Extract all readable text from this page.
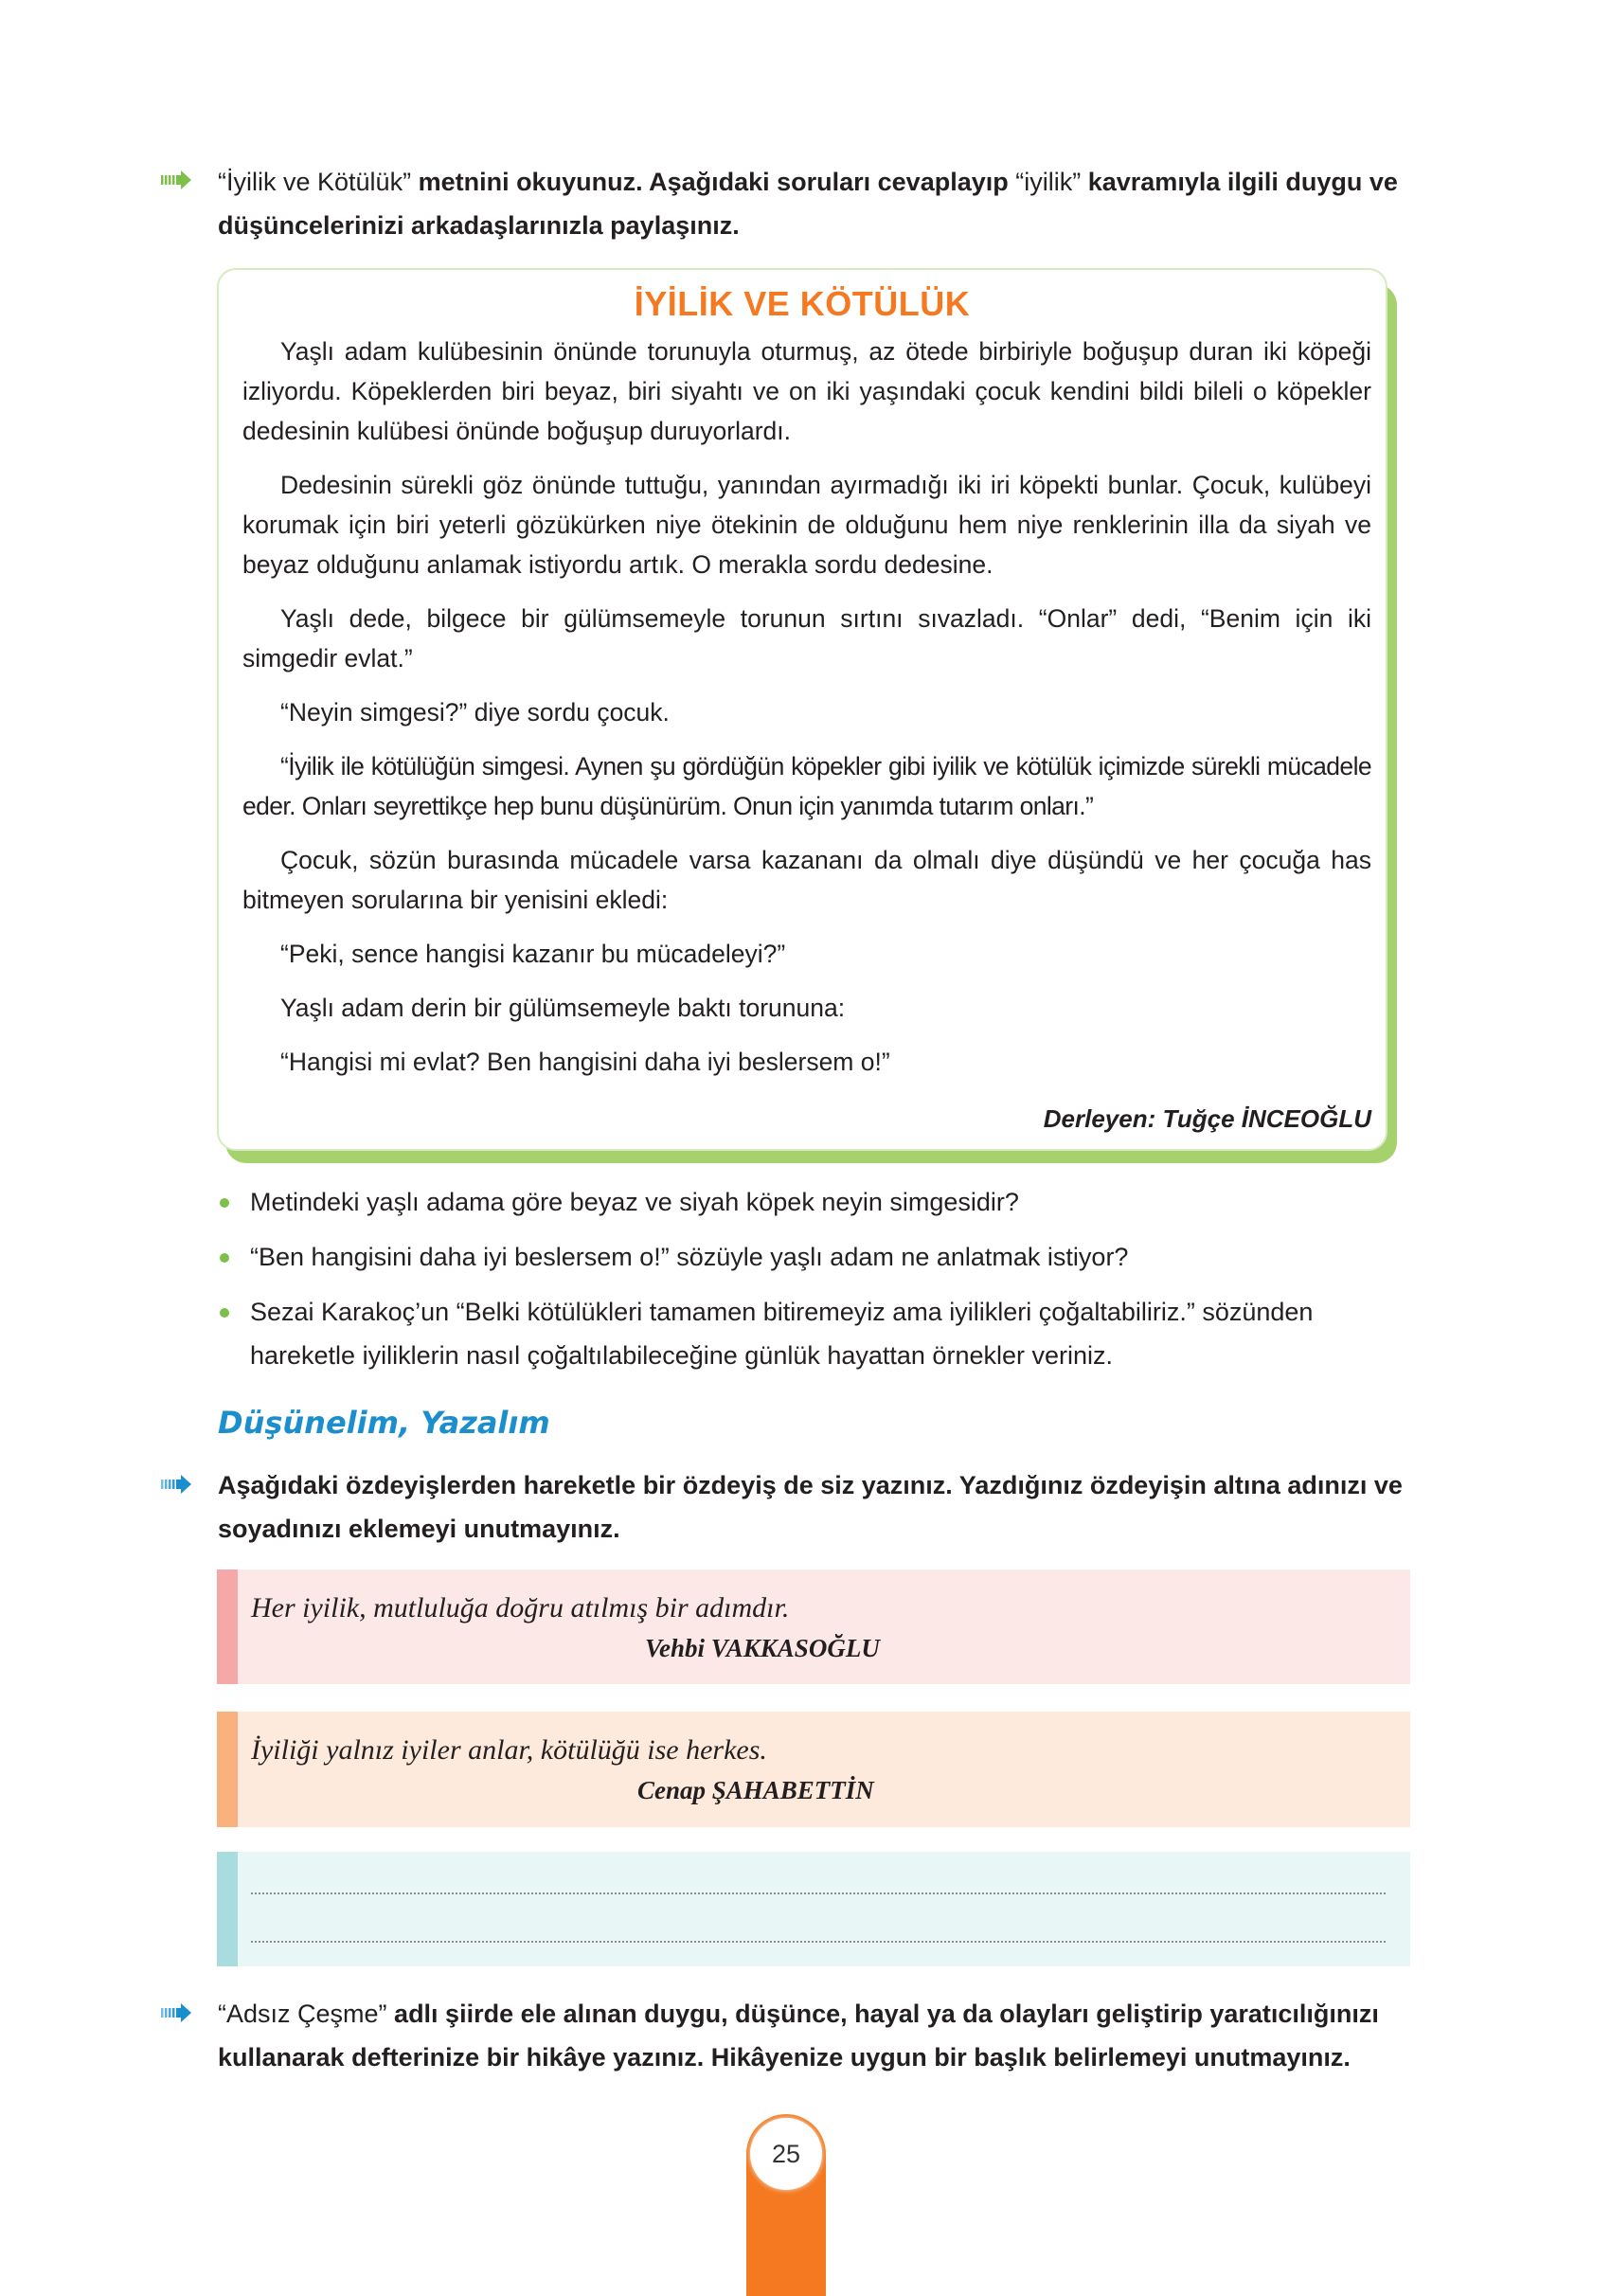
“İyilik ve Kötülük” metnini okuyunuz. Aşağıdaki soruları cevaplayıp “iyilik” kavramıyla ilgili duygu ve düşüncelerinizi arkadaşlarınızla paylaşınız.
İYİLİK VE KÖTÜLÜK

Yaşlı adam kulübesinin önünde torunuyla oturmuş, az ötede birbiriyle boğuşup duran iki köpeği izliyordu. Köpeklerden biri beyaz, biri siyahtı ve on iki yaşındaki çocuk kendini bildi bileli o köpekler dedesinin kulübesi önünde boğuşup duruyorlardı.

Dedesinin sürekli göz önünde tuttuğu, yanından ayırmadığı iki iri köpekti bunlar. Çocuk, kulübeyi korumak için biri yeterli gözükürken niye ötekinin de olduğunu hem niye renklerinin illa da siyah ve beyaz olduğunu anlamak istiyordu artık. O merakla sordu dedesine.

Yaşlı dede, bilgece bir gülümsemeyle torunun sırtını sıvazladı. “Onlar” dedi, “Benim için iki simgedir evlat.”

“Neyin simgesi?” diye sordu çocuk.

“İyilik ile kötülüğün simgesi. Aynen şu gördüğün köpekler gibi iyilik ve kötülük içimizde sürekli mücadele eder. Onları seyrettikçe hep bunu düşünürüm. Onun için yanımda tutarım onları.”

Çocuk, sözün burasında mücadele varsa kazananı da olmalı diye düşündü ve her çocuğa has bitmeyen sorularına bir yenisini ekledi:

“Peki, sence hangisi kazanır bu mücadeleyi?”

Yaşlı adam derin bir gülümsemeyle baktı torununa:

“Hangisi mi evlat? Ben hangisini daha iyi beslersem o!”

Derleyen: Tuğçe İNCEOĞLU
Metindeki yaşlı adama göre beyaz ve siyah köpek neyin simgesidir?
“Ben hangisini daha iyi beslersem o!” sözüyle yaşlı adam ne anlatmak istiyor?
Sezai Karakoç’un “Belki kötülükleri tamamen bitiremeyiz ama iyilikleri çoğaltabiliriz.” sözünden hareketle iyiliklerin nasıl çoğaltılabileceğine günlük hayattan örnekler veriniz.
Düşünelim, Yazalım
Aşağıdaki özdeyişlerden hareketle bir özdeyiş de siz yazınız. Yazdığınız özdeyişin altına adınızı ve soyadınızı eklemeyi unutmayınız.
Her iyilik, mutluluğa doğru atılmış bir adımdır.
Vehbi VAKKASOĞLU
İyiliği yalnız iyiler anlar, kötülüğü ise herkes.
Cenap ŞAHABETTİN
“Adsız Çeşme” adlı şiirde ele alınan duygu, düşünce, hayal ya da olayları geliştirip yaratıcılığınızı kullanarak defterinize bir hikâye yazınız. Hikâyenize uygun bir başlık belirlemeyi unutmayınız.
25
